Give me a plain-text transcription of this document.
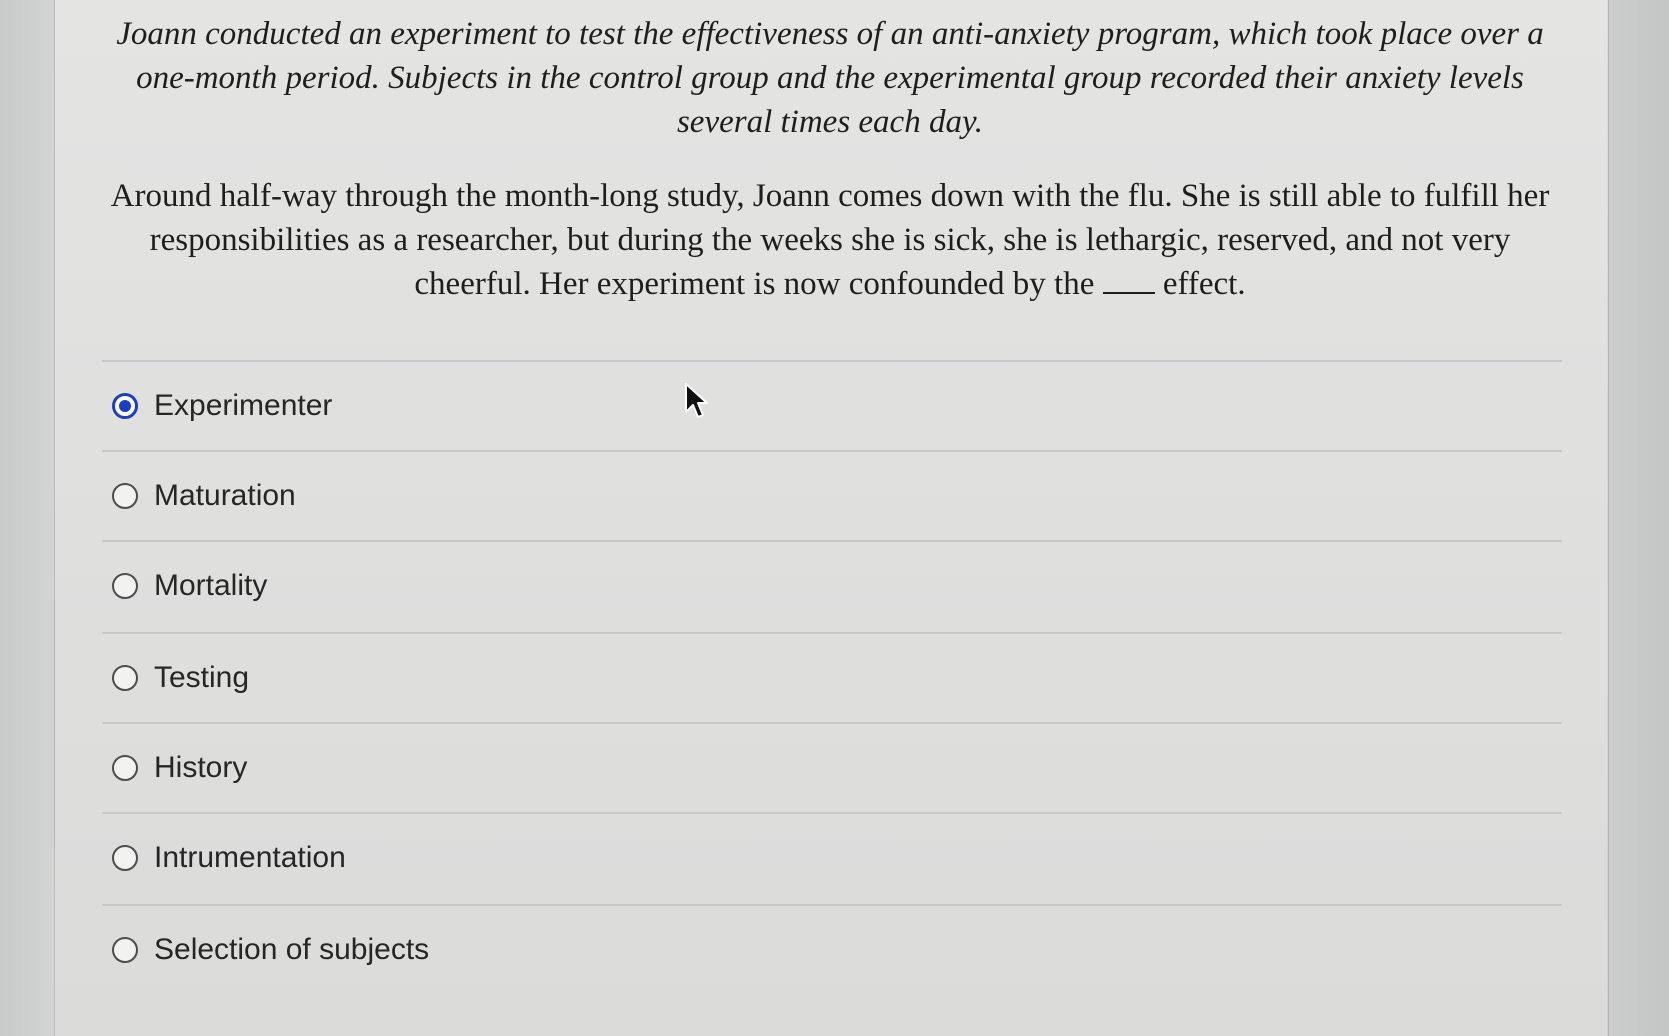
Joann conducted an experiment to test the effectiveness of an anti-anxiety program, which took place over a one-month period. Subjects in the control group and the experimental group recorded their anxiety levels several times each day.
Around half-way through the month-long study, Joann comes down with the flu. She is still able to fulfill her responsibilities as a researcher, but during the weeks she is sick, she is lethargic, reserved, and not very cheerful. Her experiment is now confounded by the effect.
Experimenter
Maturation
Mortality
Testing
History
Intrumentation
Selection of subjects
